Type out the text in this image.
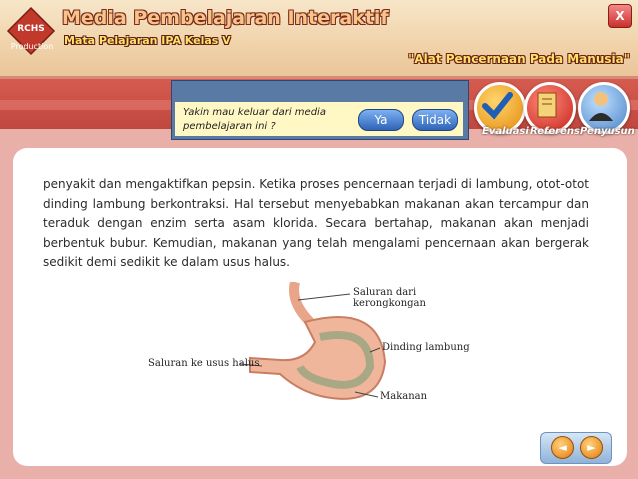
RCHS
Production
Media Pembelajaran Interaktif
Mata Pelajaran IPA Kelas V
"Alat Pencernaan Pada Manusia"
X
Yakin mau keluar dari media pembelajaran ini ?	Ya	Tidak
Evaluasi Referensi
Penyusun
penyakit dan mengaktifkan pepsin. Ketika proses pencernaan terjadi di lambung, otot-otot dinding lambung berkontraksi. Hal tersebut menyebabkan makanan akan tercampur dan teraduk dengan enzim serta asam klorida. Secara bertahap, makanan akan menjadi berbentuk bubur. Kemudian, makanan yang telah mengalami pencernaan akan bergerak sedikit demi sedikit ke dalam usus halus.
Saluran dari kerongkongan
Dinding lambung
Saluran ke usus halus
Makanan
◄	►
